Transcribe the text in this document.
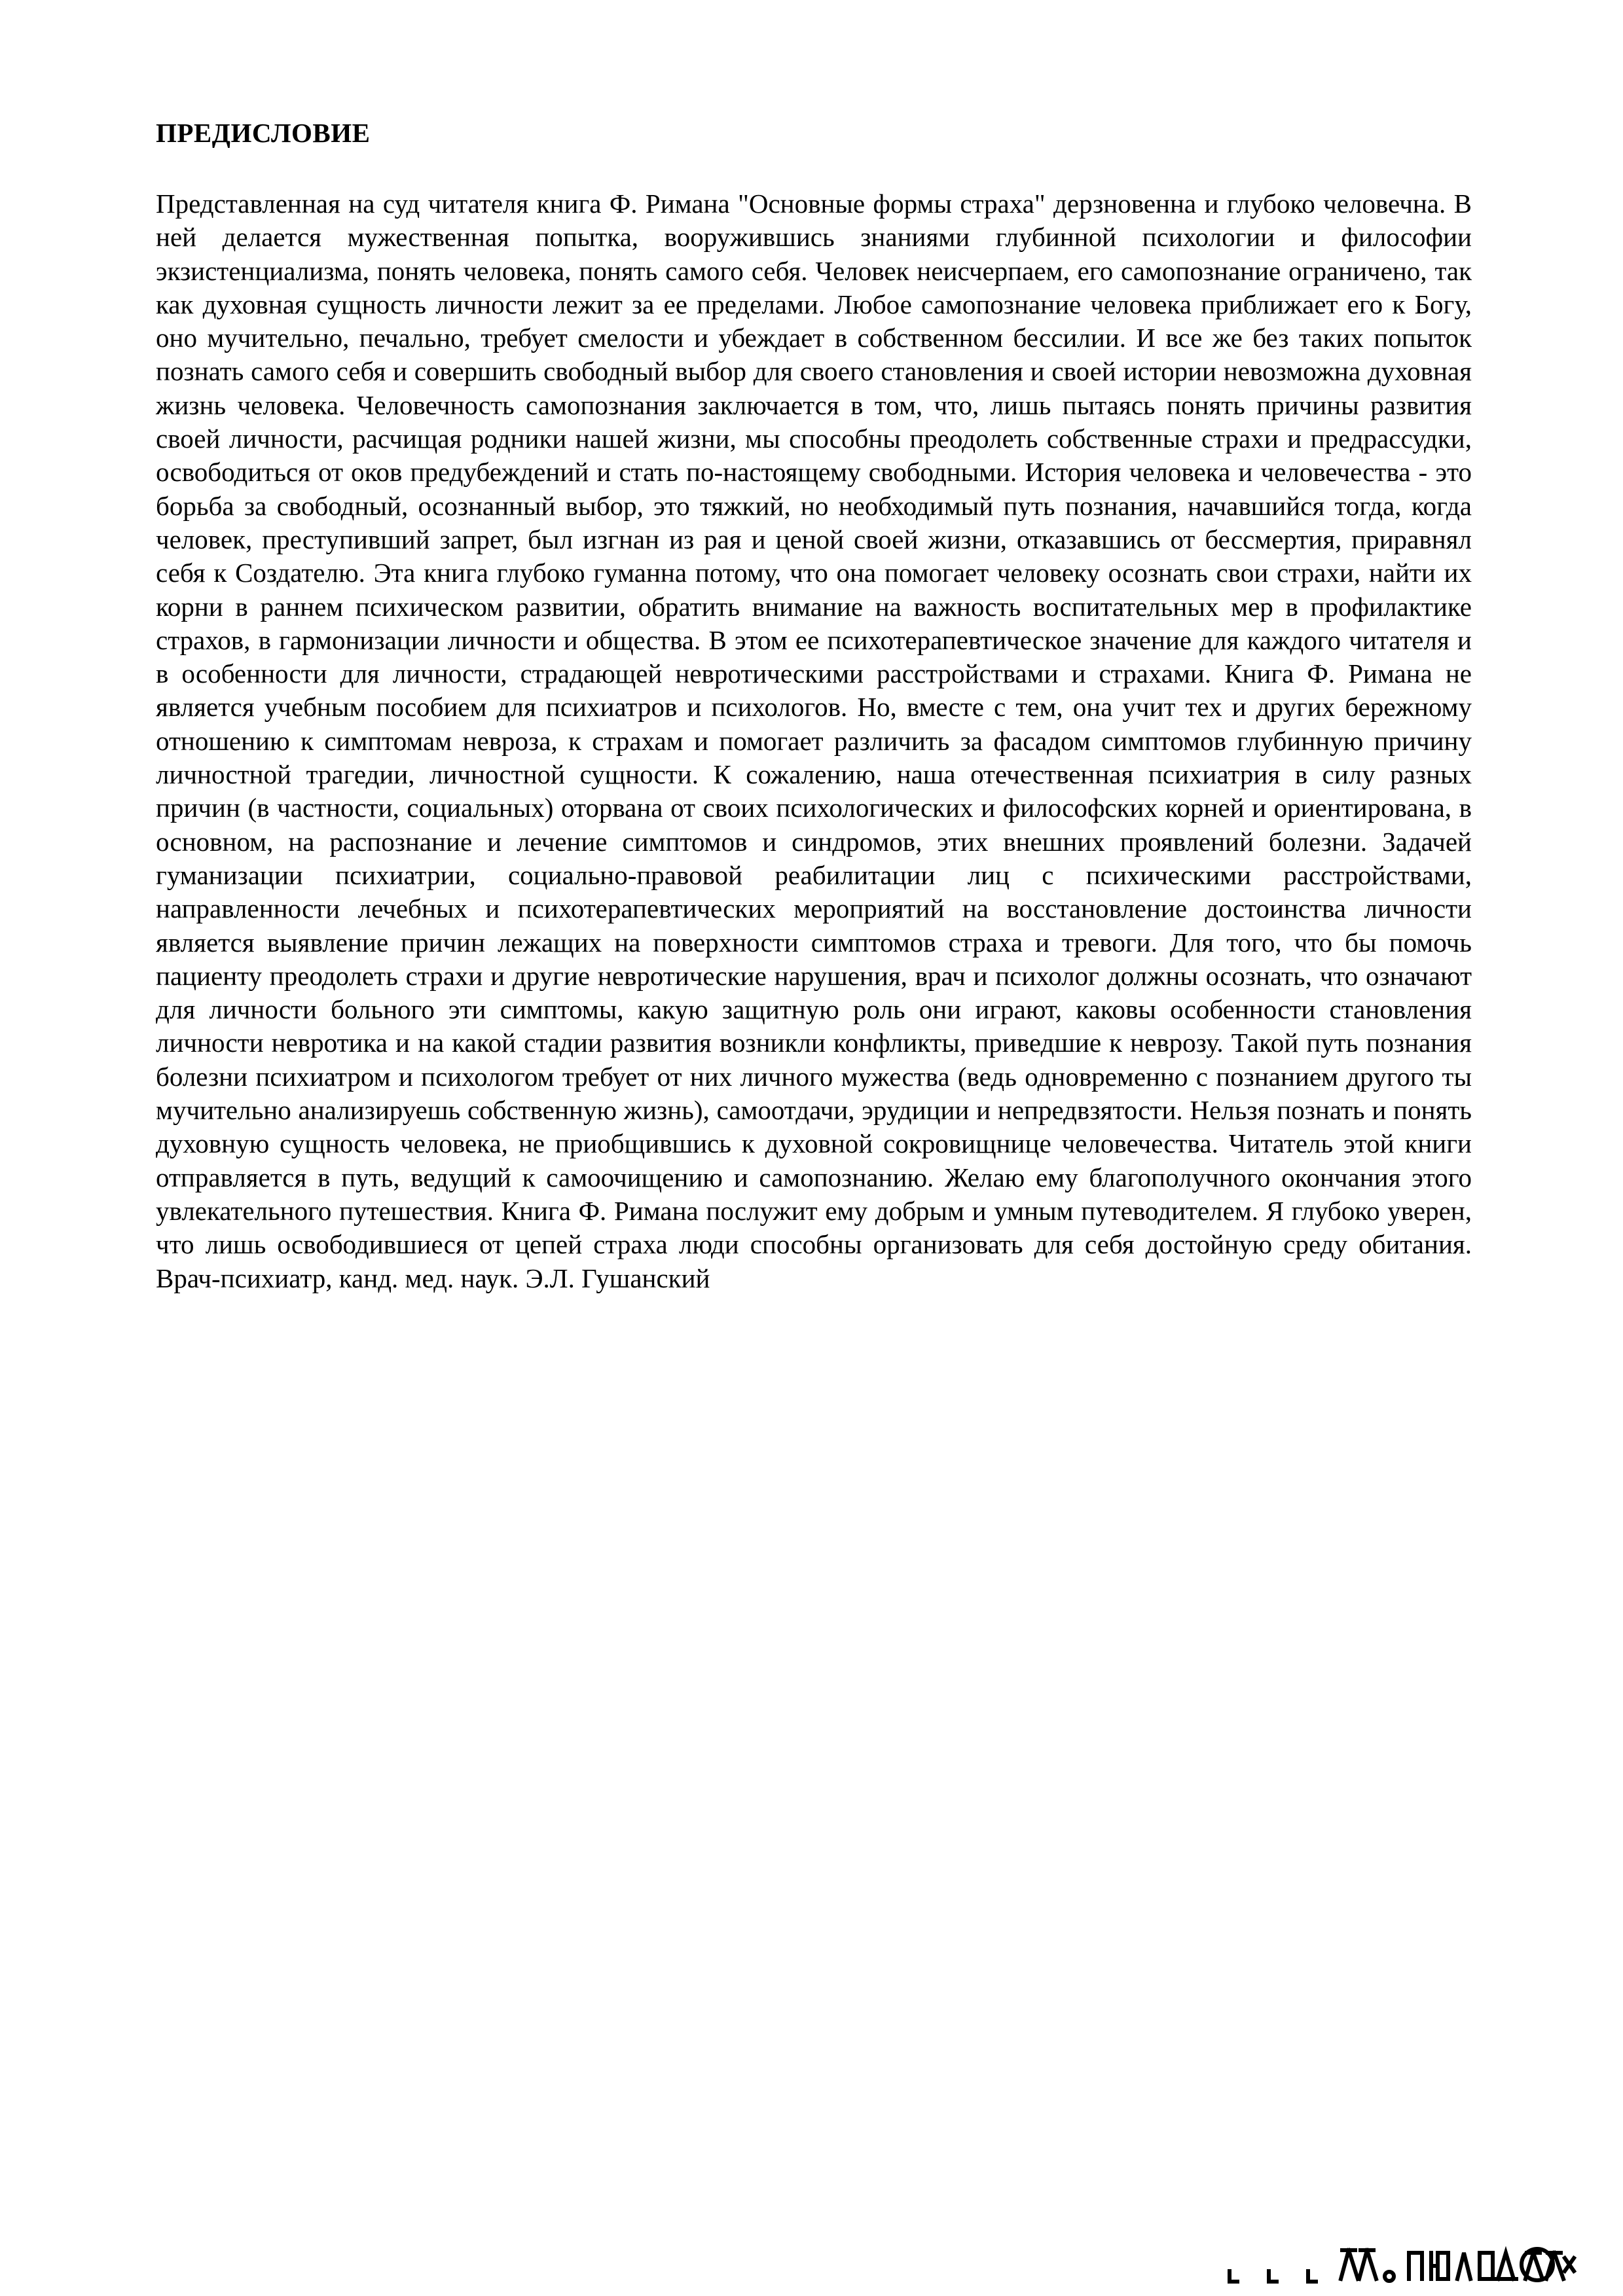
ПРЕДИСЛОВИЕ

Представленная на суд читателя книга Ф. Римана "Основные формы страха" дерзновенна и глубоко человечна. В ней делается мужественная попытка, вооружившись знаниями глубинной психологии и философии экзистенциализма, понять человека, понять самого себя. Человек неисчерпаем, его самопознание ограничено, так как духовная сущность личности лежит за ее пределами. Любое самопознание человека приближает его к Богу, оно мучительно, печально, требует смелости и убеждает в собственном бессилии. И все же без таких попыток познать самого себя и совершить свободный выбор для своего становления и своей истории невозможна духовная жизнь человека. Человечность самопознания заключается в том, что, лишь пытаясь понять причины развития своей личности, расчищая родники нашей жизни, мы способны преодолеть собственные страхи и предрассудки, освободиться от оков предубеждений и стать по-настоящему свободными. История человека и человечества - это борьба за свободный, осознанный выбор, это тяжкий, но необходимый путь познания, начавшийся тогда, когда человек, преступивший запрет, был изгнан из рая и ценой своей жизни, отказавшись от бессмертия, приравнял себя к Создателю. Эта книга глубоко гуманна потому, что она помогает человеку осознать свои страхи, найти их корни в раннем психическом развитии, обратить внимание на важность воспитательных мер в профилактике страхов, в гармонизации личности и общества. В этом ее психотерапевтическое значение для каждого читателя и в особенности для личности, страдающей невротическими расстройствами и страхами. Книга Ф. Римана не является учебным пособием для психиатров и психологов. Но, вместе с тем, она учит тех и других бережному отношению к симптомам невроза, к страхам и помогает различить за фасадом симптомов глубинную причину личностной трагедии, личностной сущности. К сожалению, наша отечественная психиатрия в силу разных причин (в частности, социальных) оторвана от своих психологических и философских корней и ориентирована, в основном, на распознание и лечение симптомов и синдромов, этих внешних проявлений болезни. Задачей гуманизации психиатрии, социально-правовой реабилитации лиц с психическими расстройствами, направленности лечебных и психотерапевтических мероприятий на восстановление достоинства личности является выявление причин лежащих на поверхности симптомов страха и тревоги. Для того, что бы помочь пациенту преодолеть страхи и другие невротические нарушения, врач и психолог должны осознать, что означают для личности больного эти симптомы, какую защитную роль они играют, каковы особенности становления личности невротика и на какой стадии развития возникли конфликты, приведшие к неврозу. Такой путь познания болезни психиатром и психологом требует от них личного мужества (ведь одновременно с познанием другого ты мучительно анализируешь собственную жизнь), самоотдачи, эрудиции и непредвзятости. Нельзя познать и понять духовную сущность человека, не приобщившись к духовной сокровищнице человечества. Читатель этой книги отправляется в путь, ведущий к самоочищению и самопознанию. Желаю ему благополучного окончания этого увлекательного путешествия. Книга Ф. Римана послужит ему добрым и умным путеводителем. Я глубоко уверен, что лишь освободившиеся от цепей страха люди способны организовать для себя достойную среду обитания. Врач-психиатр, канд. мед. наук. Э.Л. Гушанский
